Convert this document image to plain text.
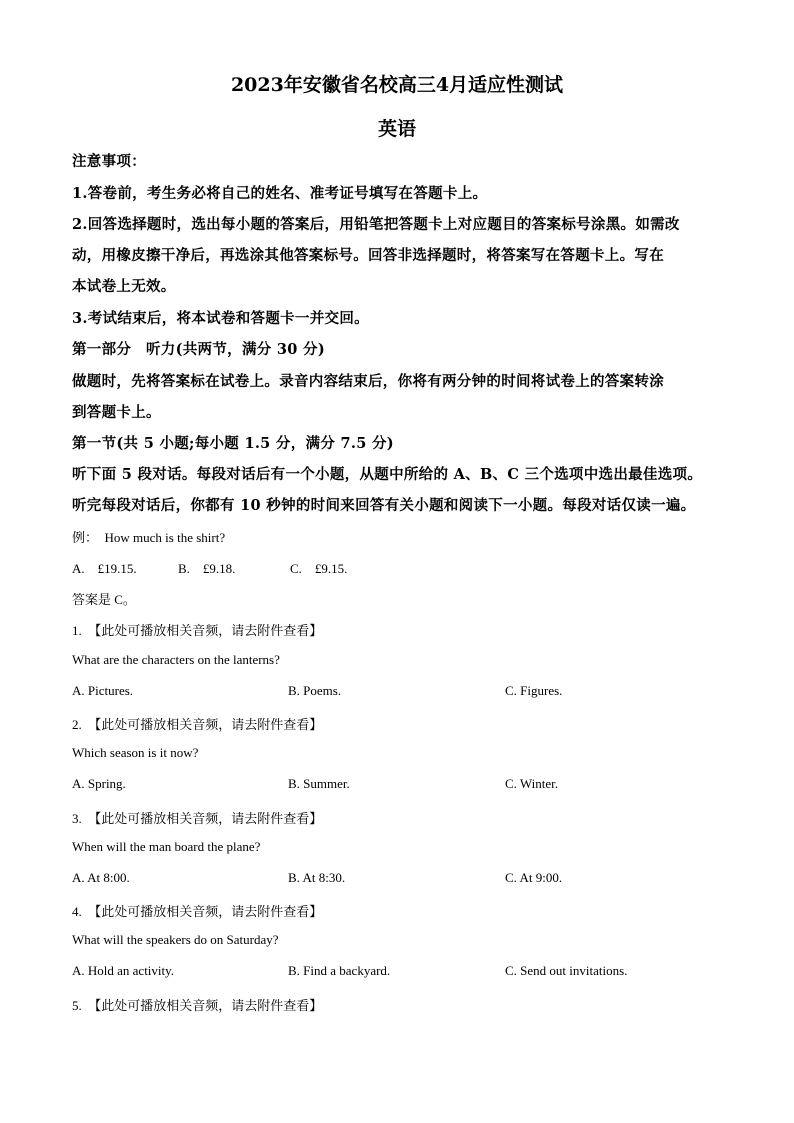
2023年安徽省名校高三4月适应性测试
英语
注意事项：
1.答卷前，考生务必将自己的姓名、准考证号填写在答题卡上。
2.回答选择题时，选出每小题的答案后，用铅笔把答题卡上对应题目的答案标号涂黑。如需改
动，用橡皮擦干净后，再选涂其他答案标号。回答非选择题时，将答案写在答题卡上。写在
本试卷上无效。
3.考试结束后，将本试卷和答题卡一并交回。
第一部分　听力(共两节，满分 30 分)
做题时，先将答案标在试卷上。录音内容结束后，你将有两分钟的时间将试卷上的答案转涂
到答题卡上。
第一节(共 5 小题;每小题 1.5 分，满分 7.5 分)
听下面 5 段对话。每段对话后有一个小题，从题中所给的 A、B、C 三个选项中选出最佳选项。
听完每段对话后，你都有 10 秒钟的时间来回答有关小题和阅读下一小题。每段对话仅读一遍。
例：　How much is the shirt?
A.　£19.15.	B.　£9.18.	C.　£9.15.
答案是 C。
1.　【此处可播放相关音频，请去附件查看】
What are the characters on the lanterns?
A. Pictures.	B. Poems.	C. Figures.
2.　【此处可播放相关音频，请去附件查看】
Which season is it now?
A. Spring.	B. Summer.	C. Winter.
3.　【此处可播放相关音频，请去附件查看】
When will the man board the plane?
A. At 8:00.	B. At 8:30.	C. At 9:00.
4.　【此处可播放相关音频，请去附件查看】
What will the speakers do on Saturday?
A. Hold an activity.	B. Find a backyard.	C. Send out invitations.
5.　【此处可播放相关音频，请去附件查看】
